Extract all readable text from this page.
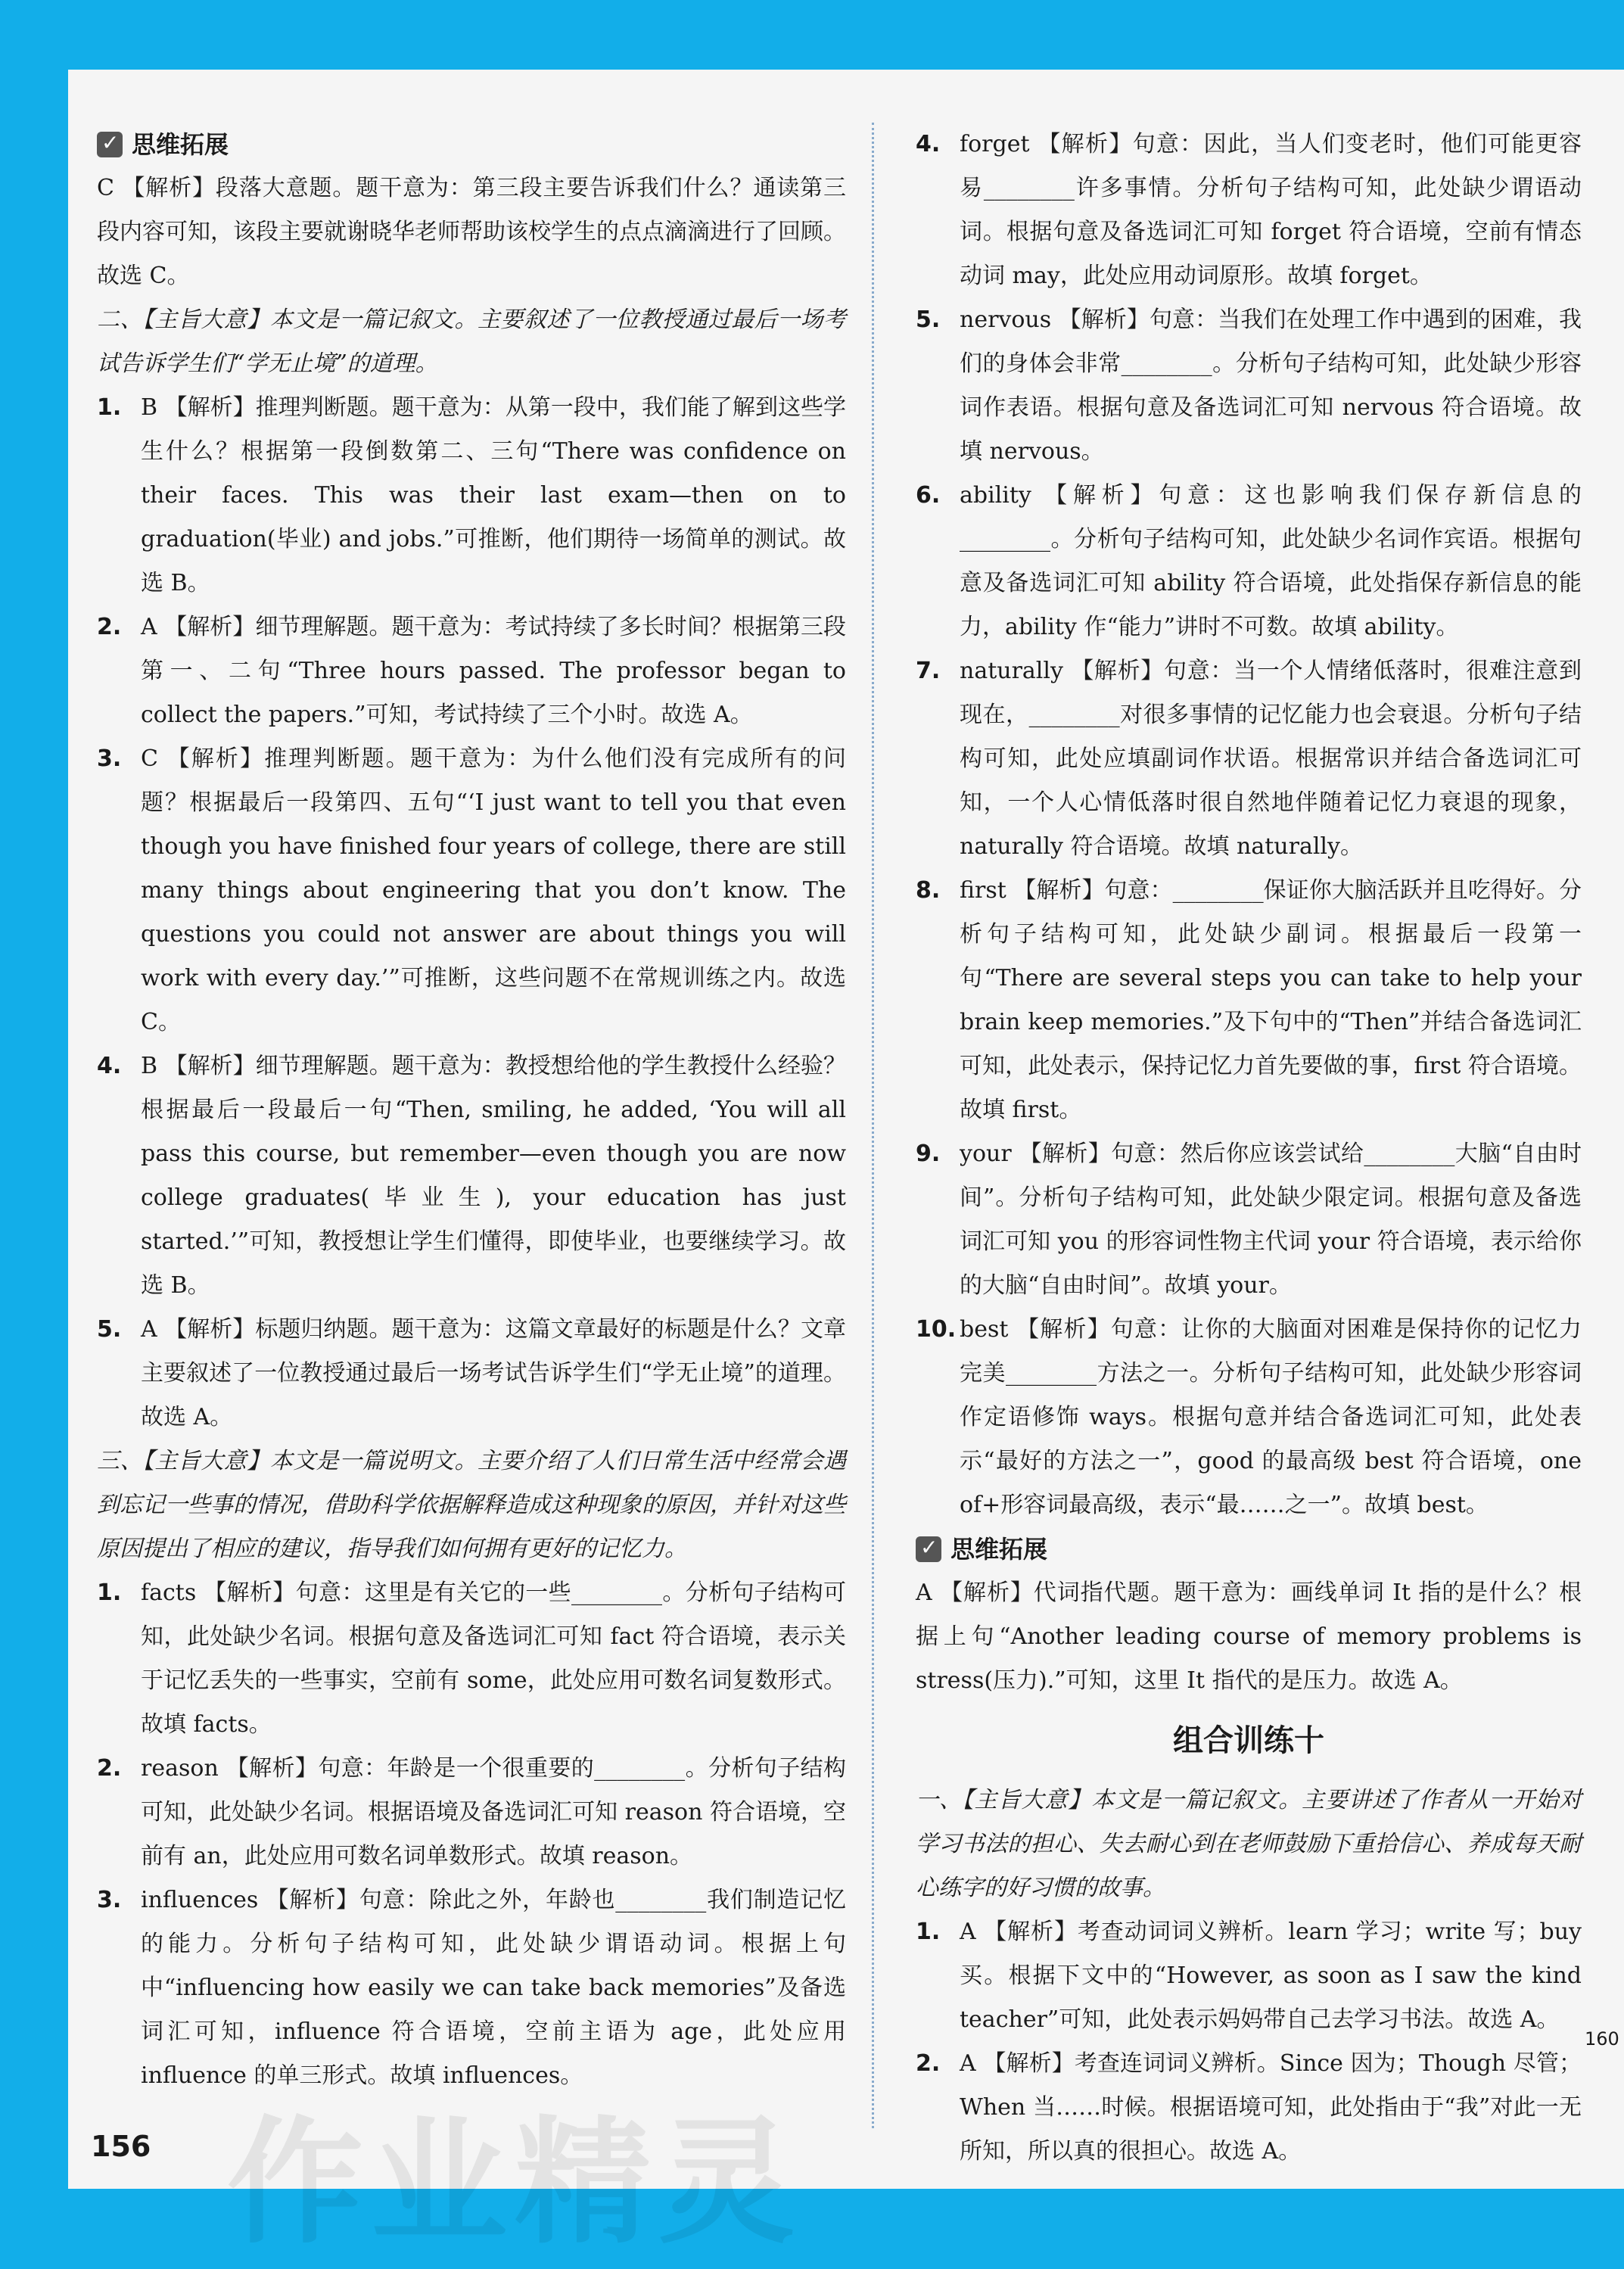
✓
思维拓展

C 【解析】段落大意题。题干意为：第三段主要告诉我们什么？通读第三段内容可知，该段主要就谢晓华老师帮助该校学生的点点滴滴进行了回顾。故选 C。

二、【主旨大意】本文是一篇记叙文。主要叙述了一位教授通过最后一场考试告诉学生们“学无止境”的道理。

1. B 【解析】推理判断题。题干意为：从第一段中，我们能了解到这些学生什么？根据第一段倒数第二、三句“There was confidence on their faces. This was their last exam—then on to graduation(毕业) and jobs.”可推断，他们期待一场简单的测试。故选 B。
2. A 【解析】细节理解题。题干意为：考试持续了多长时间？根据第三段第一、二句“Three hours passed. The professor began to collect the papers.”可知，考试持续了三个小时。故选 A。
3. C 【解析】推理判断题。题干意为：为什么他们没有完成所有的问题？根据最后一段第四、五句“‘I just want to tell you that even though you have finished four years of college, there are still many things about engineering that you don’t know. The questions you could not answer are about things you will work with every day.’”可推断，这些问题不在常规训练之内。故选 C。
4. B 【解析】细节理解题。题干意为：教授想给他的学生教授什么经验？根据最后一段最后一句“Then, smiling, he added, ‘You will all pass this course, but remember—even though you are now college graduates(毕业生), your education has just started.’”可知，教授想让学生们懂得，即使毕业，也要继续学习。故选 B。
5. A 【解析】标题归纳题。题干意为：这篇文章最好的标题是什么？文章主要叙述了一位教授通过最后一场考试告诉学生们“学无止境”的道理。故选 A。

三、【主旨大意】本文是一篇说明文。主要介绍了人们日常生活中经常会遇到忘记一些事的情况，借助科学依据解释造成这种现象的原因，并针对这些原因提出了相应的建议，指导我们如何拥有更好的记忆力。

1. facts 【解析】句意：这里是有关它的一些________。分析句子结构可知，此处缺少名词。根据句意及备选词汇可知 fact 符合语境，表示关于记忆丢失的一些事实，空前有 some，此处应用可数名词复数形式。故填 facts。
2. reason 【解析】句意：年龄是一个很重要的________。分析句子结构可知，此处缺少名词。根据语境及备选词汇可知 reason 符合语境，空前有 an，此处应用可数名词单数形式。故填 reason。
3. influences 【解析】句意：除此之外，年龄也________我们制造记忆的能力。分析句子结构可知，此处缺少谓语动词。根据上句中“influencing how easily we can take back memories”及备选词汇可知，influence 符合语境，空前主语为 age，此处应用 influence 的单三形式。故填 influences。
4. forget 【解析】句意：因此，当人们变老时，他们可能更容易________许多事情。分析句子结构可知，此处缺少谓语动词。根据句意及备选词汇可知 forget 符合语境，空前有情态动词 may，此处应用动词原形。故填 forget。
5. nervous 【解析】句意：当我们在处理工作中遇到的困难，我们的身体会非常________。分析句子结构可知，此处缺少形容词作表语。根据句意及备选词汇可知 nervous 符合语境。故填 nervous。
6. ability 【解析】句意：这也影响我们保存新信息的________。分析句子结构可知，此处缺少名词作宾语。根据句意及备选词汇可知 ability 符合语境，此处指保存新信息的能力，ability 作“能力”讲时不可数。故填 ability。
7. naturally 【解析】句意：当一个人情绪低落时，很难注意到现在，________对很多事情的记忆能力也会衰退。分析句子结构可知，此处应填副词作状语。根据常识并结合备选词汇可知，一个人心情低落时很自然地伴随着记忆力衰退的现象，naturally 符合语境。故填 naturally。
8. first 【解析】句意：________保证你大脑活跃并且吃得好。分析句子结构可知，此处缺少副词。根据最后一段第一句“There are several steps you can take to help your brain keep memories.”及下句中的“Then”并结合备选词汇可知，此处表示，保持记忆力首先要做的事，first 符合语境。故填 first。
9. your 【解析】句意：然后你应该尝试给________大脑“自由时间”。分析句子结构可知，此处缺少限定词。根据句意及备选词汇可知 you 的形容词性物主代词 your 符合语境，表示给你的大脑“自由时间”。故填 your。
10. best 【解析】句意：让你的大脑面对困难是保持你的记忆力完美________方法之一。分析句子结构可知，此处缺少形容词作定语修饰 ways。根据句意并结合备选词汇可知，此处表示“最好的方法之一”，good 的最高级 best 符合语境，one of+形容词最高级，表示“最……之一”。故填 best。
✓
思维拓展

A 【解析】代词指代题。题干意为：画线单词 It 指的是什么？根据上句“Another leading course of memory problems is stress(压力).”可知，这里 It 指代的是压力。故选 A。

组合训练十

一、【主旨大意】本文是一篇记叙文。主要讲述了作者从一开始对学习书法的担心、失去耐心到在老师鼓励下重拾信心、养成每天耐心练字的好习惯的故事。

1. A 【解析】考查动词词义辨析。learn 学习；write 写；buy 买。根据下文中的“However, as soon as I saw the kind teacher”可知，此处表示妈妈带自己去学习书法。故选 A。
2. A 【解析】考查连词词义辨析。Since 因为；Though 尽管；When 当……时候。根据语境可知，此处指由于“我”对此一无所知，所以真的很担心。故选 A。
160
156 作业精灵
